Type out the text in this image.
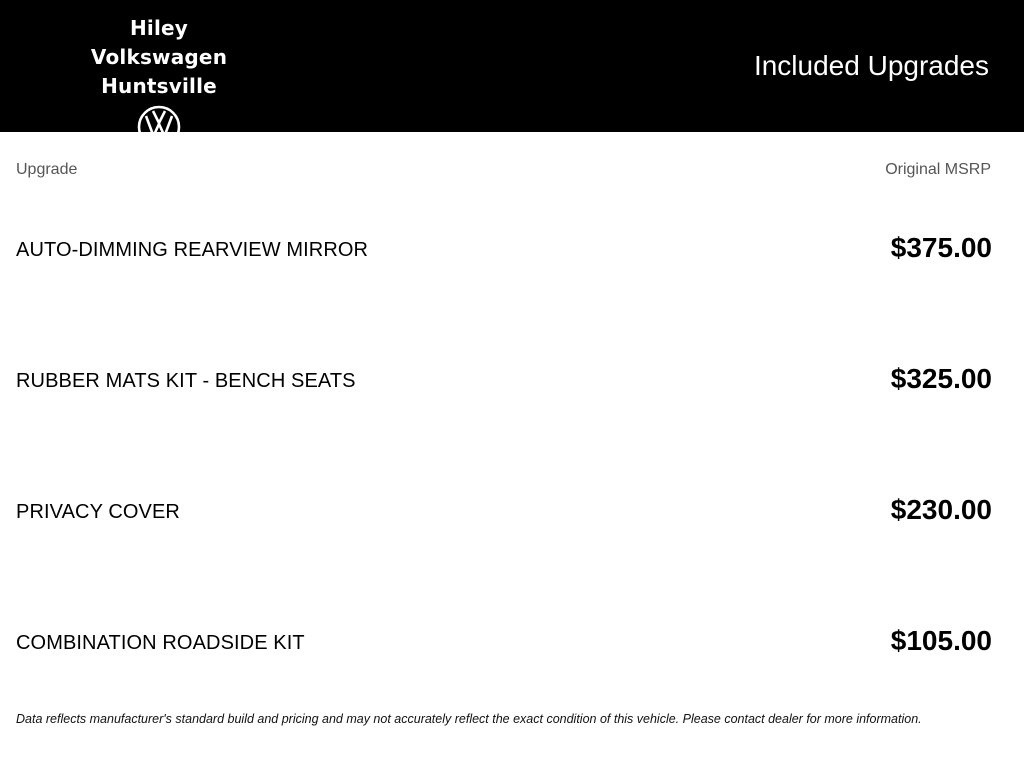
Hiley Volkswagen
Huntsville
Included Upgrades
Upgrade	Original MSRP
AUTO-DIMMING REARVIEW MIRROR	$375.00
RUBBER MATS KIT - BENCH SEATS	$325.00
PRIVACY COVER	$230.00
COMBINATION ROADSIDE KIT	$105.00
Data reflects manufacturer's standard build and pricing and may not accurately reflect the exact condition of this vehicle. Please contact dealer for more information.
